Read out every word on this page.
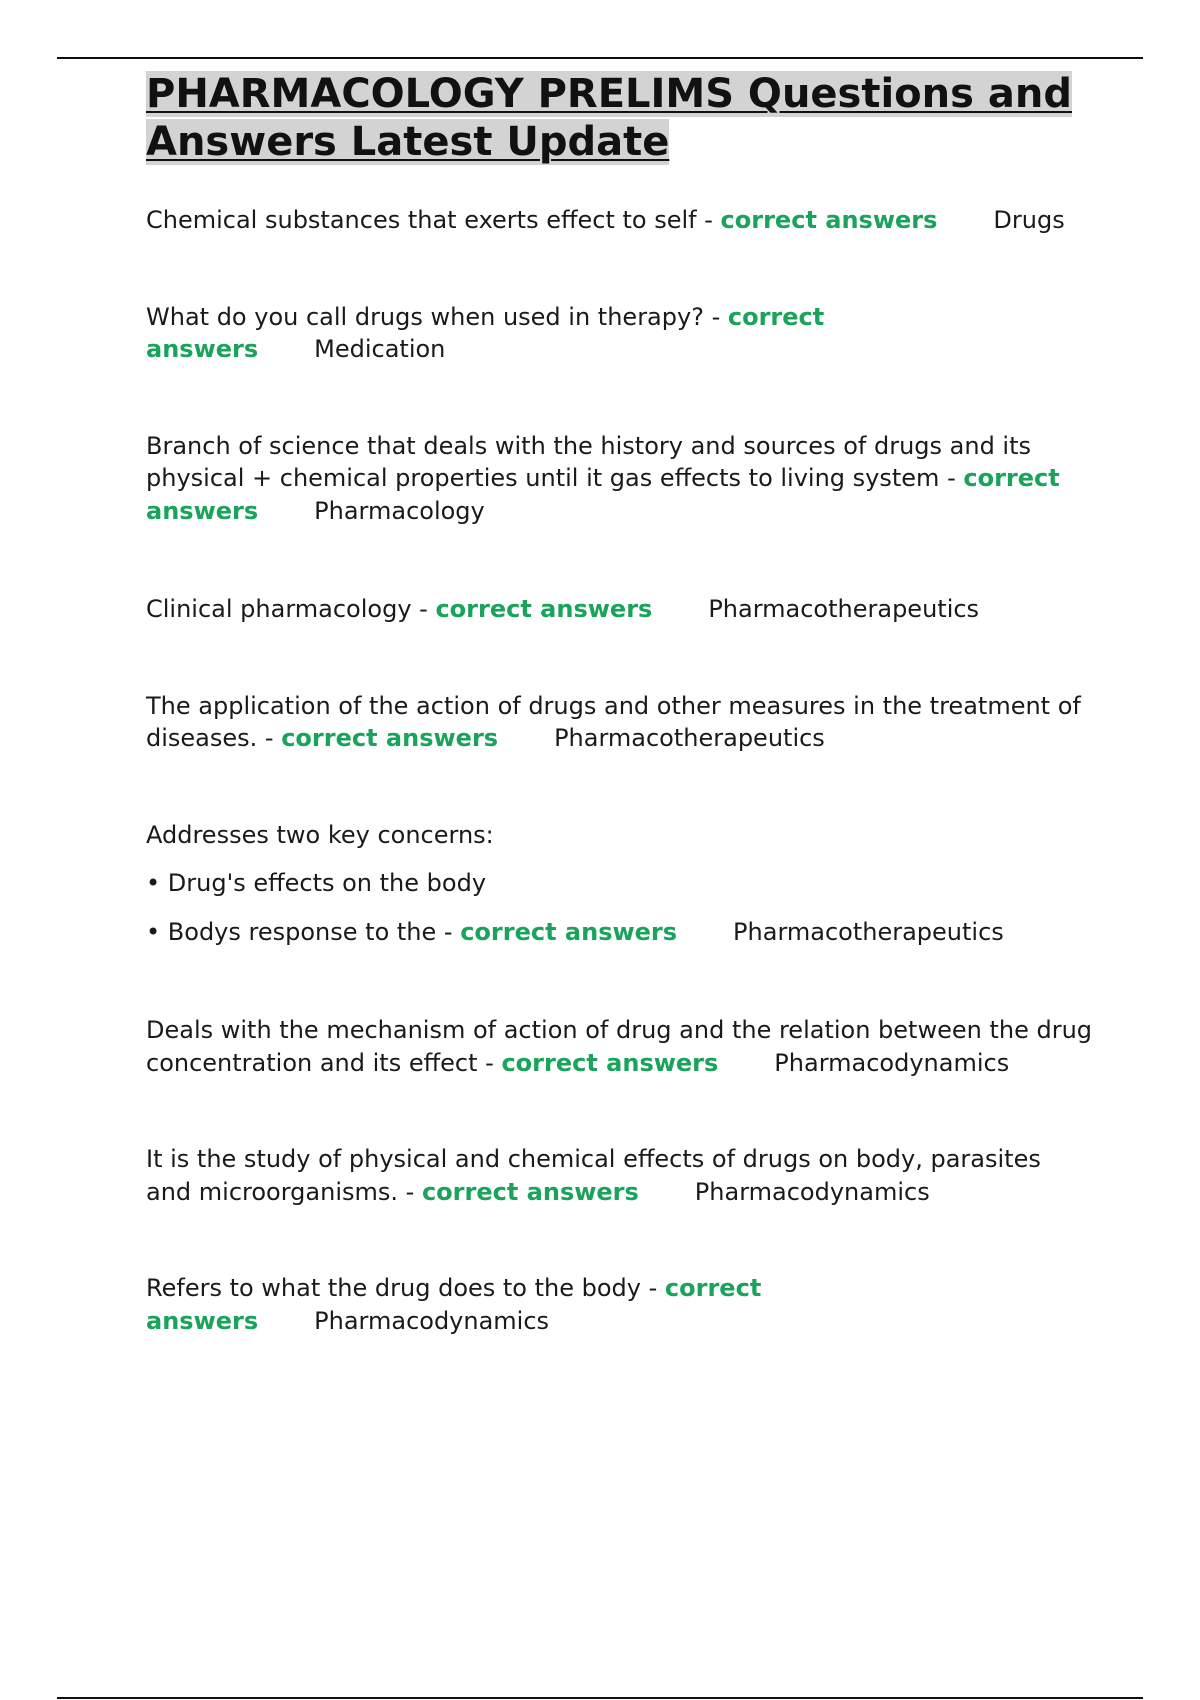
PHARMACOLOGY PRELIMS Questions and Answers Latest Update

Chemical substances that exerts effect to self - correct answers Drugs

What do you call drugs when used in therapy? - correct answers Medication

Branch of science that deals with the history and sources of drugs and its physical + chemical properties until it gas effects to living system - correct answers Pharmacology

Clinical pharmacology - correct answers Pharmacotherapeutics

The application of the action of drugs and other measures in the treatment of diseases. - correct answers Pharmacotherapeutics

Addresses two key concerns:
• Drug's effects on the body
• Bodys response to the - correct answers Pharmacotherapeutics

Deals with the mechanism of action of drug and the relation between the drug concentration and its effect - correct answers Pharmacodynamics

It is the study of physical and chemical effects of drugs on body, parasites and microorganisms. - correct answers Pharmacodynamics

Refers to what the drug does to the body - correct answers Pharmacodynamics
